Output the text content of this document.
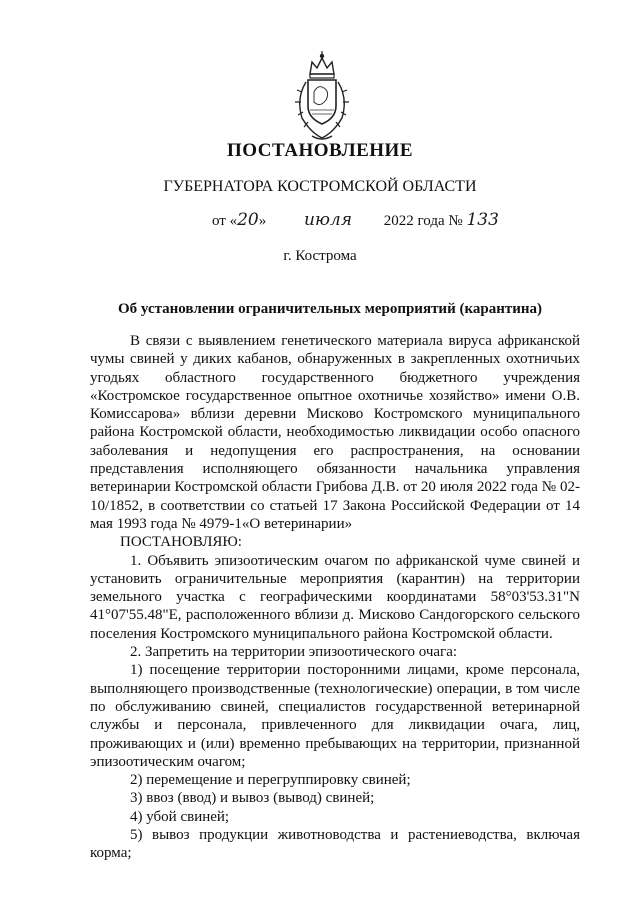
ПОСТАНОВЛЕНИЕ
ГУБЕРНАТОРА КОСТРОМСКОЙ ОБЛАСТИ
от «20» июля 2022 года № 133
г. Кострома
Об установлении ограничительных мероприятий (карантина)

В связи с выявлением генетического материала вируса африканской чумы свиней у диких кабанов, обнаруженных в закрепленных охотничьих угодьях областного государственного бюджетного учреждения «Костромское государственное опытное охотничье хозяйство» имени О.В. Комиссарова» вблизи деревни Мисково Костромского муниципального района Костромской области, необходимостью ликвидации особо опасного заболевания и недопущения его распространения, на основании представления исполняющего обязанности начальника управления ветеринарии Костромской области Грибова Д.В. от 20 июля 2022 года № 02-10/1852, в соответствии со статьей 17 Закона Российской Федерации от 14 мая 1993 года № 4979-1«О ветеринарии»

ПОСТАНОВЛЯЮ:

1. Объявить эпизоотическим очагом по африканской чуме свиней и установить ограничительные мероприятия (карантин) на территории земельного участка с географическими координатами 58°03'53.31"N 41°07'55.48"E, расположенного вблизи д. Мисково Сандогорского сельского поселения Костромского муниципального района Костромской области.

2. Запретить на территории эпизоотического очага:

1) посещение территории посторонними лицами, кроме персонала, выполняющего производственные (технологические) операции, в том числе по обслуживанию свиней, специалистов государственной ветеринарной службы и персонала, привлеченного для ликвидации очага, лиц, проживающих и (или) временно пребывающих на территории, признанной эпизоотическим очагом;

2) перемещение и перегруппировку свиней;

3) ввоз (ввод) и вывоз (вывод) свиней;

4) убой свиней;

5) вывоз продукции животноводства и растениеводства, включая корма;
